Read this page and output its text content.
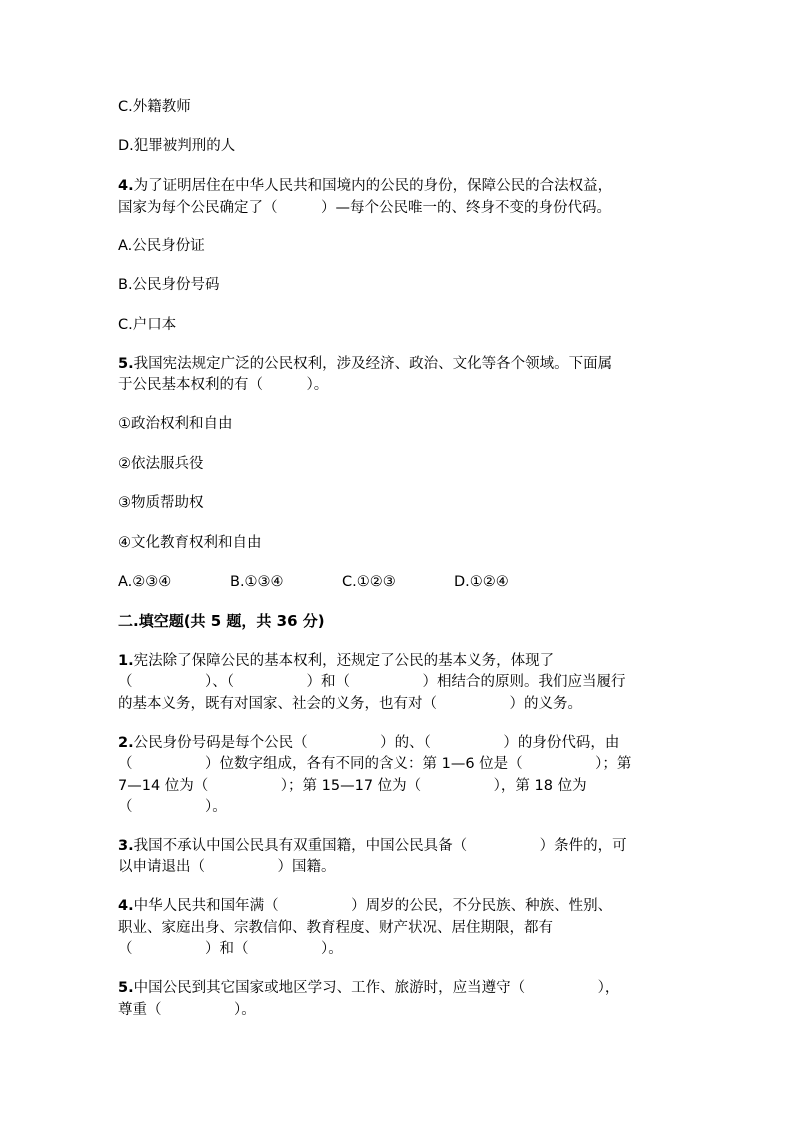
C.外籍教师
D.犯罪被判刑的人
4.为了证明居住在中华人民共和国境内的公民的身份，保障公民的合法权益，
国家为每个公民确定了（　　　）—每个公民唯一的、终身不变的身份代码。
A.公民身份证
B.公民身份号码
C.户口本
5.我国宪法规定广泛的公民权利，涉及经济、政治、文化等各个领域。下面属
于公民基本权利的有（　　　）。
①政治权利和自由
②依法服兵役
③物质帮助权
④文化教育权利和自由
A.②③④	B.①③④	C.①②③	D.①②④
二.填空题(共 5 题，共 36 分)
1.宪法除了保障公民的基本权利，还规定了公民的基本义务，体现了
（　　　　　）、（　　　　　）和（　　　　　）相结合的原则。我们应当履行
的基本义务，既有对国家、社会的义务，也有对（　　　　　）的义务。
2.公民身份号码是每个公民（　　　　　）的、（　　　　　）的身份代码，由
（　　　　　）位数字组成，各有不同的含义：第 1—6 位是（　　　　　）；第
7—14 位为（　　　　　）；第 15—17 位为（　　　　　），第 18 位为
（　　　　　）。
3.我国不承认中国公民具有双重国籍，中国公民具备（　　　　　）条件的，可
以申请退出（　　　　　）国籍。
4.中华人民共和国年满（　　　　　）周岁的公民，不分民族、种族、性别、
职业、家庭出身、宗教信仰、教育程度、财产状况、居住期限，都有
（　　　　　）和（　　　　　）。
5.中国公民到其它国家或地区学习、工作、旅游时，应当遵守（　　　　　），
尊重（　　　　　）。
